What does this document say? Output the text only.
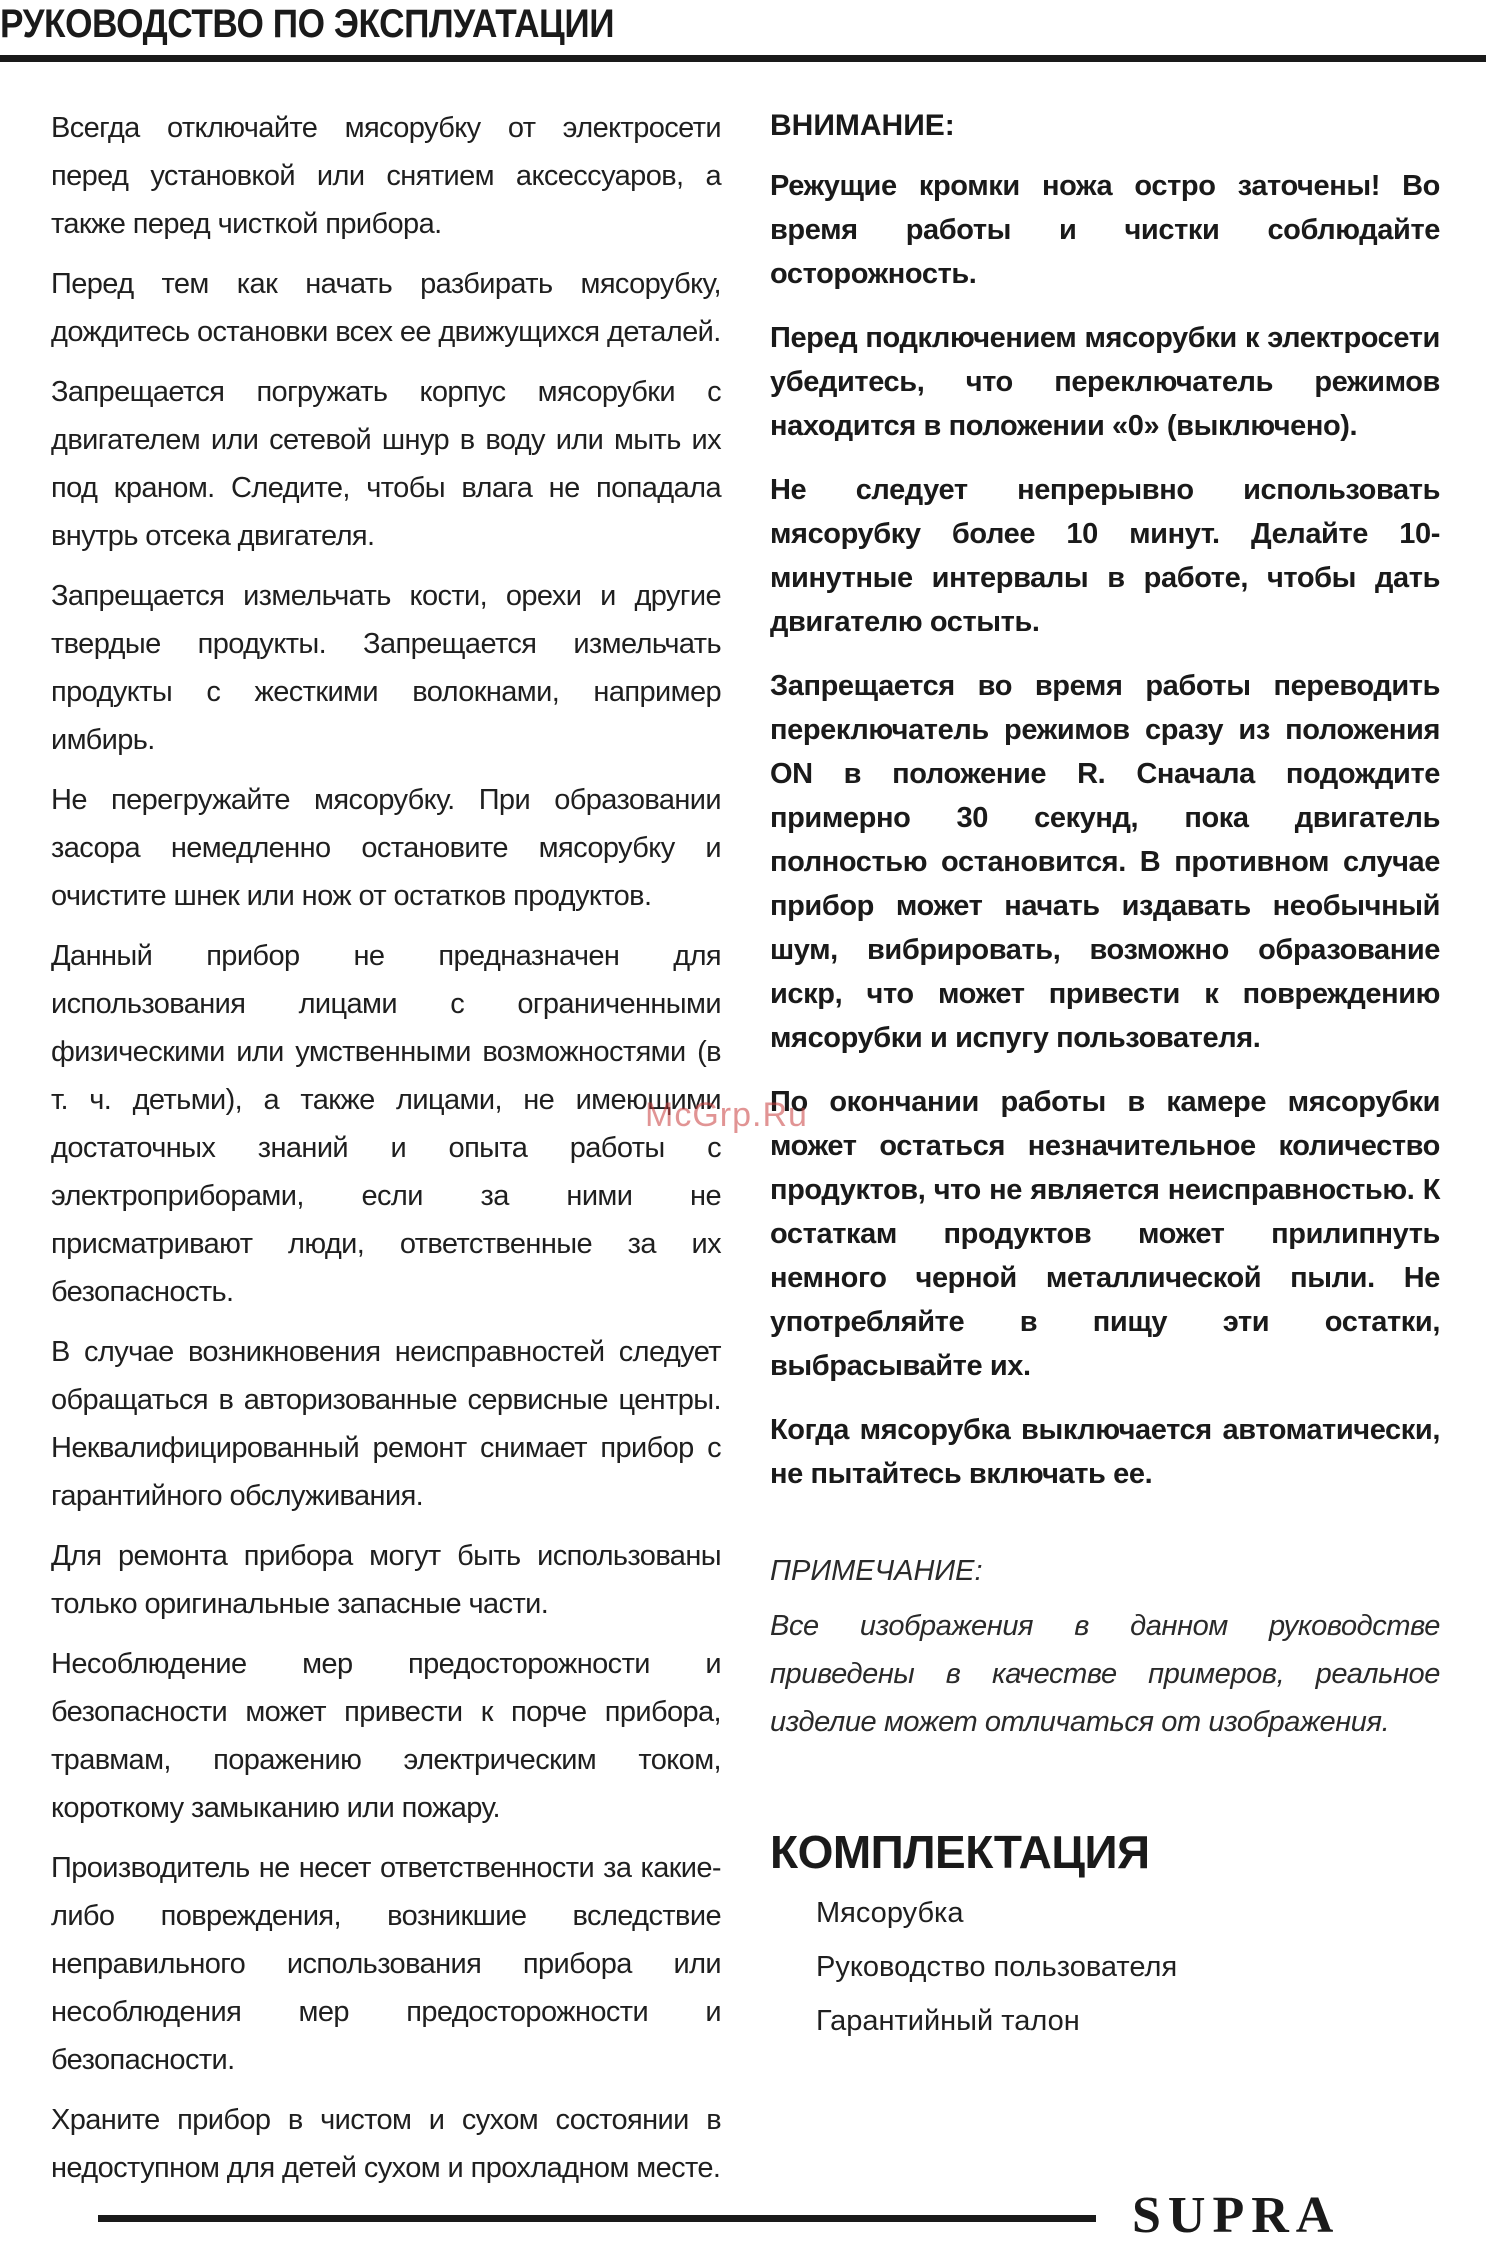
РУКОВОДСТВО ПО ЭКСПЛУАТАЦИИ

Всегда отключайте мясорубку от электросети перед установкой или снятием аксессуаров, а также перед чисткой прибора.

Перед тем как начать разбирать мясорубку, дождитесь остановки всех ее движущихся деталей.

Запрещается погружать корпус мясорубки с двигателем или сетевой шнур в воду или мыть их под краном. Следите, чтобы влага не попадала внутрь отсека двигателя.

Запрещается измельчать кости, орехи и другие твердые продукты. Запрещается измельчать продукты с жесткими волокнами, например имбирь.

Не перегружайте мясорубку. При образовании засора немедленно остановите мясорубку и очистите шнек или нож от остатков продуктов.

Данный прибор не предназначен для использования лицами с ограниченными физическими или умственными возможностями (в т. ч. детьми), а также лицами, не имеющими достаточных знаний и опыта работы с электроприборами, если за ними не присматривают люди, ответственные за их безопасность.

В случае возникновения неисправностей следует обращаться в авторизованные сервисные центры. Неквалифицированный ремонт снимает прибор с гарантийного обслуживания.

Для ремонта прибора могут быть использованы только оригинальные запасные части.

Несоблюдение мер предосторожности и безопасности может привести к порче прибора, травмам, поражению электрическим током, короткому замыканию или пожару.

Производитель не несет ответственности за какие-либо повреждения, возникшие вследствие неправильного использования прибора или несоблюдения мер предосторожности и безопасности.

Храните прибор в чистом и сухом состоянии в недоступном для детей сухом и прохладном месте.

ВНИМАНИЕ:

Режущие кромки ножа остро заточены! Во время работы и чистки соблюдайте осторожность.

Перед подключением мясорубки к электросети убедитесь, что переключатель режимов находится в положении «0» (выключено).

Не следует непрерывно использовать мясорубку более 10 минут. Делайте 10-минутные интервалы в работе, чтобы дать двигателю остыть.

Запрещается во время работы переводить переключатель режимов сразу из положения ON в положение R. Сначала подождите примерно 30 секунд, пока двигатель полностью остановится. В противном случае прибор может начать издавать необычный шум, вибрировать, возможно образование искр, что может привести к повреждению мясорубки и испугу пользователя.

По окончании работы в камере мясорубки может остаться незначительное количество продуктов, что не является неисправностью. К остаткам продуктов может прилипнуть немного черной металлической пыли. Не употребляйте в пищу эти остатки, выбрасывайте их.

Когда мясорубка выключается автоматически, не пытайтесь включать ее.

ПРИМЕЧАНИЕ:

Все изображения в данном руководстве приведены в качестве примеров, реальное изделие может отличаться от изображения.

КОМПЛЕКТАЦИЯ
Мясорубка
Руководство пользователя
Гарантийный талон
McGrp.Ru
SUPRA
